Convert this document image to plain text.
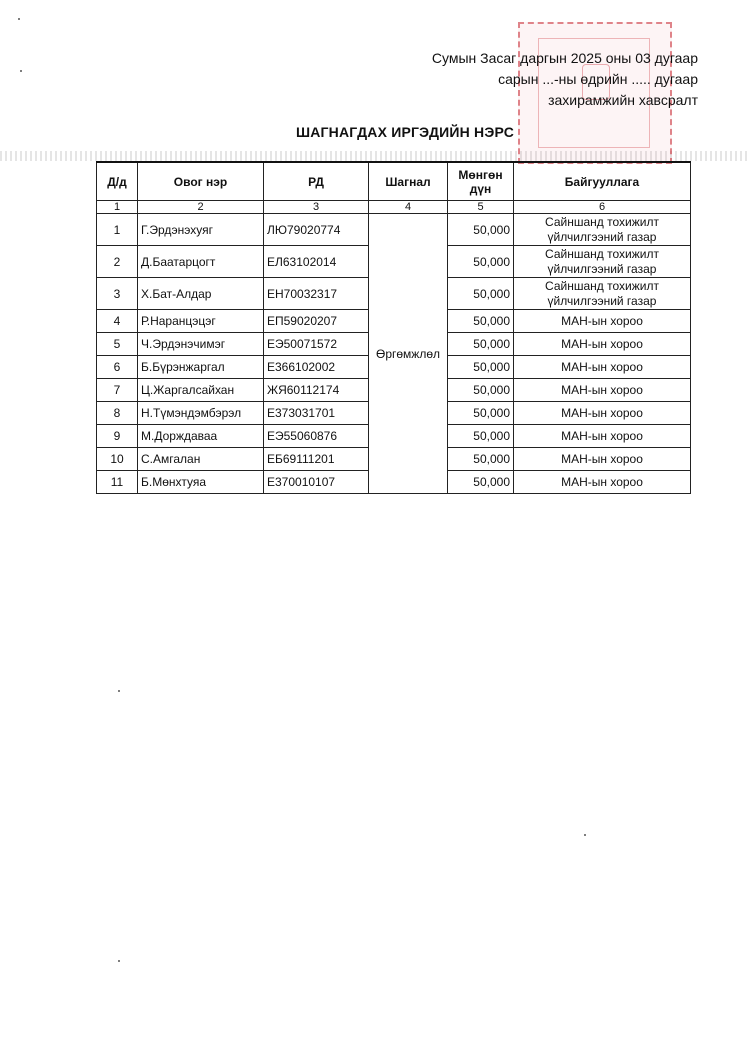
Сумын Засаг даргын 2025 оны 03 дугаар
сарын ...-ны өдрийн ..... дугаар
захирамжийн хавсралт
ШАГНАГДАХ ИРГЭДИЙН НЭРС
Д/д	Овог нэр	РД	Шагнал	Мөнгөн дүн	Байгууллага
1	2	3	4	5	6
1	Г.Эрдэнэхуяг	ЛЮ79020774	Өргөмжлөл	50,000	Сайншанд тохижилт үйлчилгээний газар
2	Д.Баатарцогт	ЕЛ63102014		50,000	Сайншанд тохижилт үйлчилгээний газар
3	Х.Бат-Алдар	ЕН70032317		50,000	Сайншанд тохижилт үйлчилгээний газар
4	Р.Наранцэцэг	ЕП59020207		50,000	МАН-ын хороо
5	Ч.Эрдэнэчимэг	ЕЭ50071572		50,000	МАН-ын хороо
6	Б.Бүрэнжаргал	Е366102002		50,000	МАН-ын хороо
7	Ц.Жаргалсайхан	ЖЯ60112174		50,000	МАН-ын хороо
8	Н.Түмэндэмбэрэл	Е373031701		50,000	МАН-ын хороо
9	М.Дорждаваа	ЕЭ55060876		50,000	МАН-ын хороо
10	С.Амгалан	ЕБ69111201		50,000	МАН-ын хороо
11	Б.Мөнхтуяа	Е370010107		50,000	МАН-ын хороо
